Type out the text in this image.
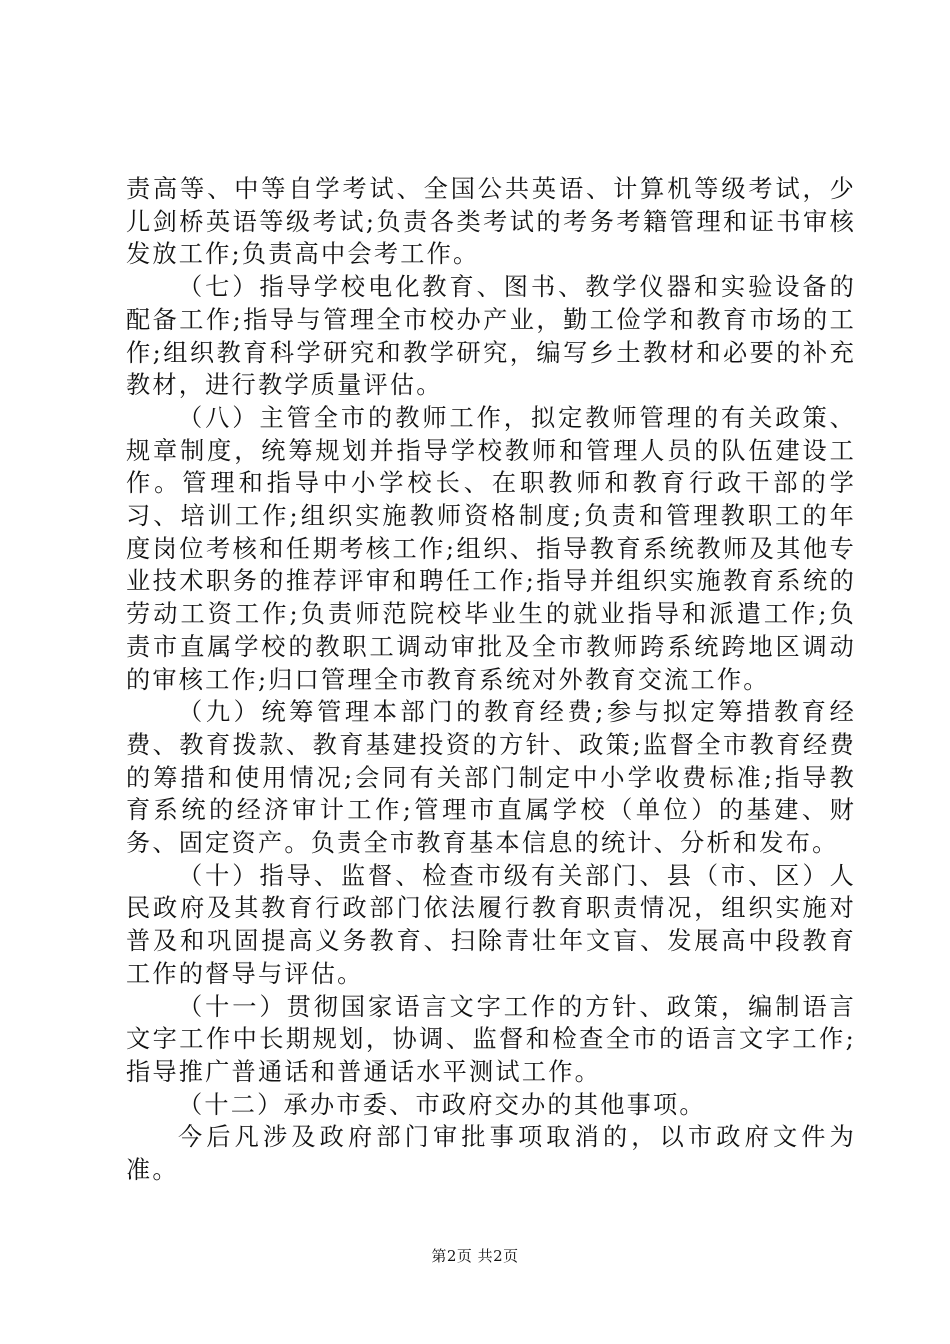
责高等、中等自学考试、全国公共英语、计算机等级考试，少儿剑桥英语等级考试;负责各类考试的考务考籍管理和证书审核发放工作;负责高中会考工作。

（七）指导学校电化教育、图书、教学仪器和实验设备的配备工作;指导与管理全市校办产业，勤工俭学和教育市场的工作;组织教育科学研究和教学研究，编写乡土教材和必要的补充教材，进行教学质量评估。

（八）主管全市的教师工作，拟定教师管理的有关政策、规章制度，统筹规划并指导学校教师和管理人员的队伍建设工作。管理和指导中小学校长、在职教师和教育行政干部的学习、培训工作;组织实施教师资格制度;负责和管理教职工的年度岗位考核和任期考核工作;组织、指导教育系统教师及其他专业技术职务的推荐评审和聘任工作;指导并组织实施教育系统的劳动工资工作;负责师范院校毕业生的就业指导和派遣工作;负责市直属学校的教职工调动审批及全市教师跨系统跨地区调动的审核工作;归口管理全市教育系统对外教育交流工作。

（九）统筹管理本部门的教育经费;参与拟定筹措教育经费、教育拨款、教育基建投资的方针、政策;监督全市教育经费的筹措和使用情况;会同有关部门制定中小学收费标准;指导教育系统的经济审计工作;管理市直属学校（单位）的基建、财务、固定资产。负责全市教育基本信息的统计、分析和发布。

（十）指导、监督、检查市级有关部门、县（市、区）人民政府及其教育行政部门依法履行教育职责情况，组织实施对普及和巩固提高义务教育、扫除青壮年文盲、发展高中段教育工作的督导与评估。

（十一）贯彻国家语言文字工作的方针、政策，编制语言文字工作中长期规划，协调、监督和检查全市的语言文字工作;指导推广普通话和普通话水平测试工作。

（十二）承办市委、市政府交办的其他事项。

今后凡涉及政府部门审批事项取消的，以市政府文件为准。

第2页 共2页
